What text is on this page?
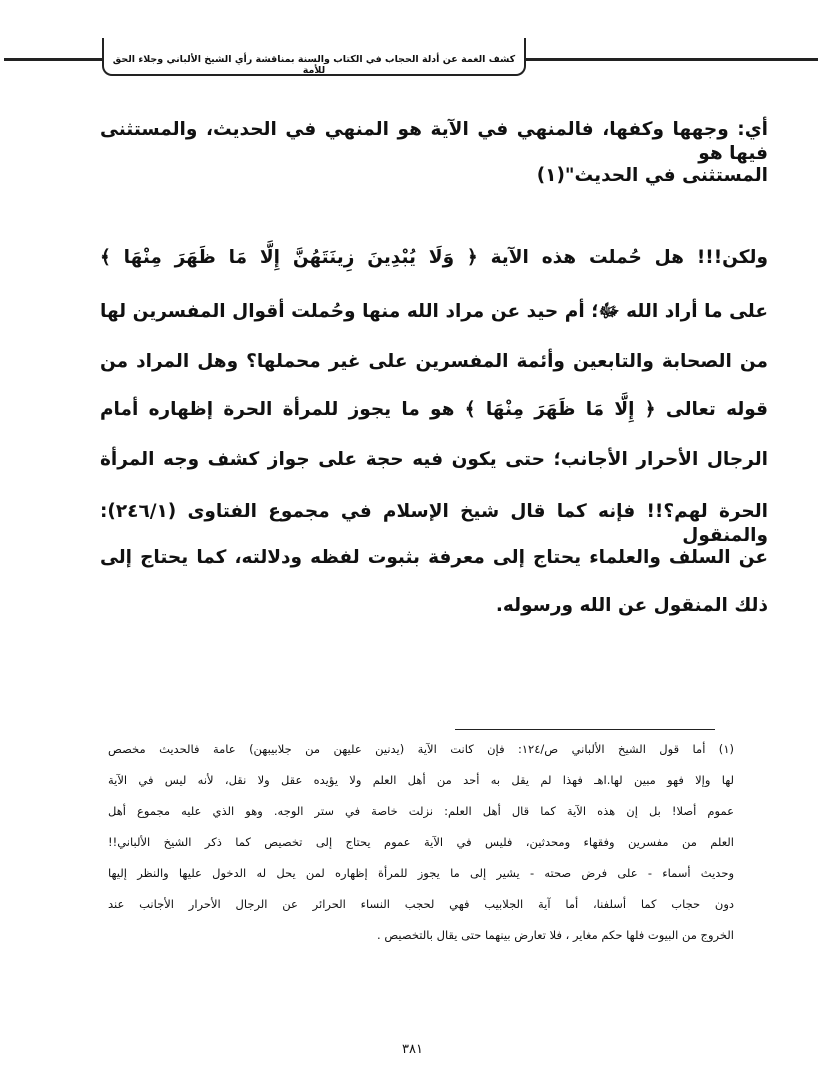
كشف الغمة عن أدلة الحجاب في الكتاب والسنة بمناقشة رأي الشيخ الألباني وجلاء الحق للأمة
أي: وجهها وكفها، فالمنهي في الآية هو المنهي في الحديث، والمستثنى فيها هو
المستثنى في الحديث"(١)
ولكن!!! هل حُملت هذه الآية ﴿ وَلَا يُبْدِينَ زِينَتَهُنَّ إِلَّا مَا ظَهَرَ مِنْهَا ﴾
على ما أراد الله ﷻ؛ أم حيد عن مراد الله منها وحُملت أقوال المفسرين لها
من الصحابة والتابعين وأئمة المفسرين على غير محملها؟ وهل المراد من
قوله تعالى ﴿ إِلَّا مَا ظَهَرَ مِنْهَا ﴾ هو ما يجوز للمرأة الحرة إظهاره أمام
الرجال الأحرار الأجانب؛ حتى يكون فيه حجة على جواز كشف وجه المرأة
الحرة لهم؟!! فإنه كما قال شيخ الإسلام في مجموع الفتاوى (٢٤٦/١): والمنقول
عن السلف والعلماء يحتاج إلى معرفة بثبوت لفظه ودلالته، كما يحتاج إلى
ذلك المنقول عن الله ورسوله.
(١) أما قول الشيخ الألباني ص/١٢٤: فإن كانت الآية (يدنين عليهن من جلابيبهن) عامة فالحديث مخصص
لها وإلا فهو مبين لها.اهـ فهذا لم يقل به أحد من أهل العلم ولا يؤيده عقل ولا نقل، لأنه ليس في الآية
عموم أصلا! بل إن هذه الآية كما قال أهل العلم: نزلت خاصة في ستر الوجه. وهو الذي عليه مجموع أهل
العلم من مفسرين وفقهاء ومحدثين، فليس في الآية عموم يحتاج إلى تخصيص كما ذكر الشيخ الألباني!!
وحديث أسماء - على فرض صحته - يشير إلى ما يجوز للمرأة إظهاره لمن يحل له الدخول عليها والنظر إليها
دون حجاب كما أسلفنا، أما آية الجلابيب فهي لحجب النساء الحرائر عن الرجال الأحرار الأجانب عند
الخروج من البيوت فلها حكم مغاير ، فلا تعارض بينهما حتى يقال بالتخصيص .
٣٨١
